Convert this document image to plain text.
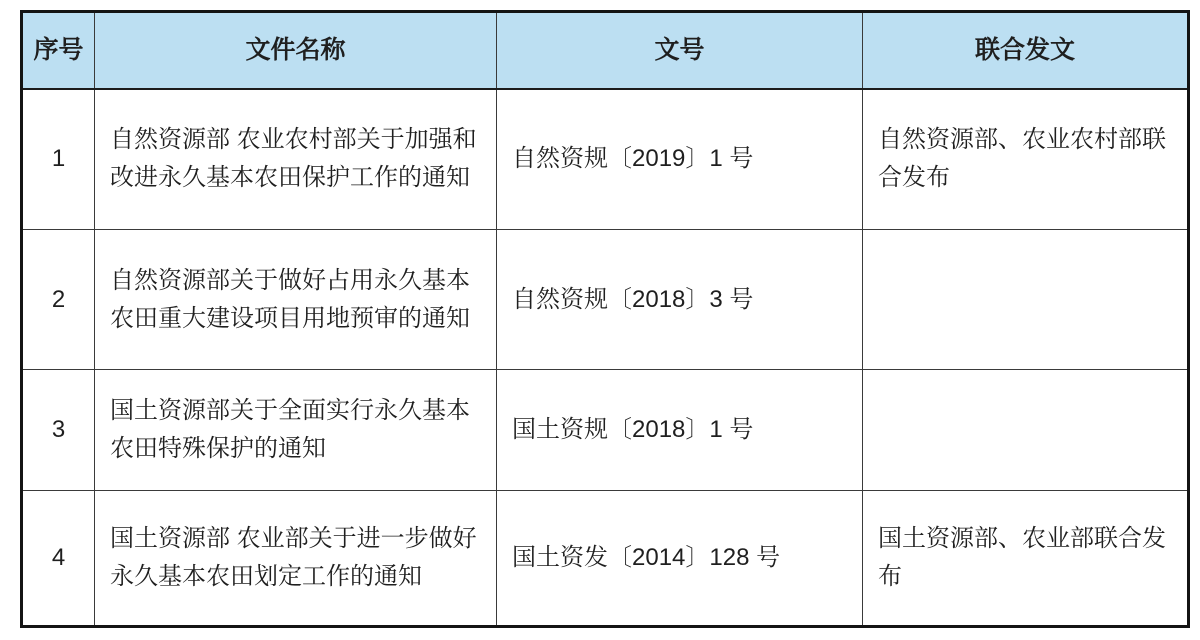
序号	文件名称	文号	联合发文
1	自然资源部 农业农村部关于加强和改进永久基本农田保护工作的通知	自然资规〔2019〕1 号	自然资源部、农业农村部联合发布
2	自然资源部关于做好占用永久基本农田重大建设项目用地预审的通知	自然资规〔2018〕3 号	
3	国土资源部关于全面实行永久基本农田特殊保护的通知	国土资规〔2018〕1 号	
4	国土资源部 农业部关于进一步做好永久基本农田划定工作的通知	国土资发〔2014〕128 号	国土资源部、农业部联合发布
